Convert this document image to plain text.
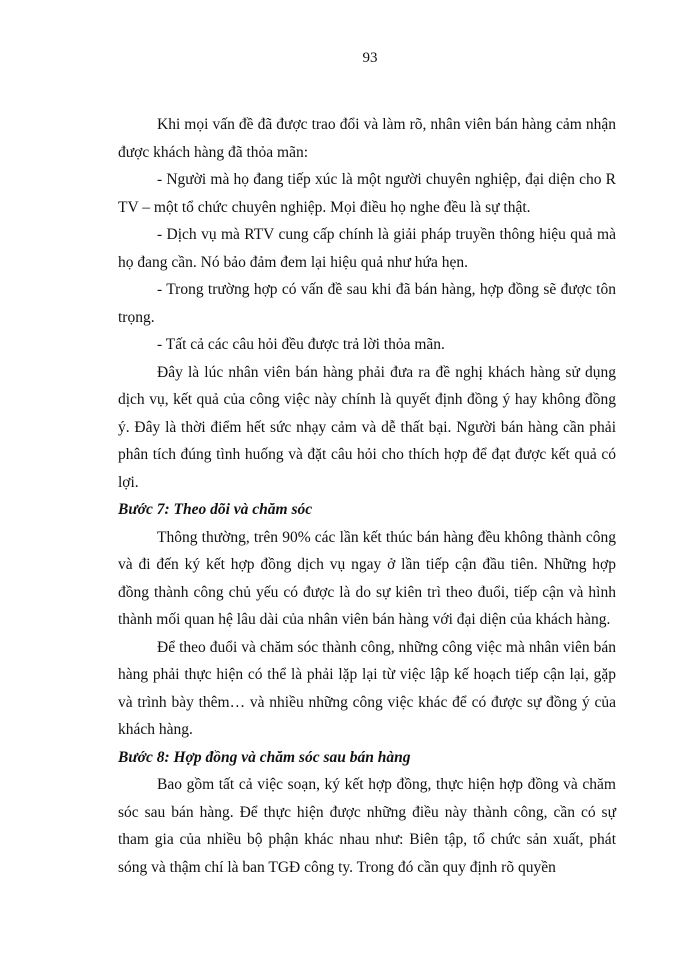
93

Khi mọi vấn đề đã được trao đổi và làm rõ, nhân viên bán hàng cảm nhận được khách hàng đã thỏa mãn:

- Người mà họ đang tiếp xúc là một người chuyên nghiệp, đại diện cho R TV – một tổ chức chuyên nghiệp. Mọi điều họ nghe đều là sự thật.

- Dịch vụ mà RTV cung cấp chính là giải pháp truyền thông hiệu quả mà họ đang cần. Nó bảo đảm đem lại hiệu quả như hứa hẹn.

- Trong trường hợp có vấn đề sau khi đã bán hàng, hợp đồng sẽ được tôn trọng.

- Tất cả các câu hỏi đều được trả lời thỏa mãn.

Đây là lúc nhân viên bán hàng phải đưa ra đề nghị khách hàng sử dụng dịch vụ, kết quả của công việc này chính là quyết định đồng ý hay không đồng ý. Đây là thời điểm hết sức nhạy cảm và dễ thất bại. Người bán hàng cần phải phân tích đúng tình huống và đặt câu hỏi cho thích hợp để đạt được kết quả có lợi.

Bước 7: Theo dõi và chăm sóc

Thông thường, trên 90% các lần kết thúc bán hàng đều không thành công và đi đến ký kết hợp đồng dịch vụ ngay ở lần tiếp cận đầu tiên. Những hợp đồng thành công chủ yếu có được là do sự kiên trì theo đuổi, tiếp cận và hình thành mối quan hệ lâu dài của nhân viên bán hàng với đại diện của khách hàng.

Để theo đuổi và chăm sóc thành công, những công việc mà nhân viên bán hàng phải thực hiện có thể là phải lặp lại từ việc lập kế hoạch tiếp cận lại, gặp và trình bày thêm… và nhiều những công việc khác để có được sự đồng ý của khách hàng.

Bước 8: Hợp đồng và chăm sóc sau bán hàng

Bao gồm tất cả việc soạn, ký kết hợp đồng, thực hiện hợp đồng và chăm sóc sau bán hàng. Để thực hiện được những điều này thành công, cần có sự tham gia của nhiều bộ phận khác nhau như: Biên tập, tổ chức sản xuất, phát sóng và thậm chí là ban TGĐ công ty. Trong đó cần quy định rõ quyền
